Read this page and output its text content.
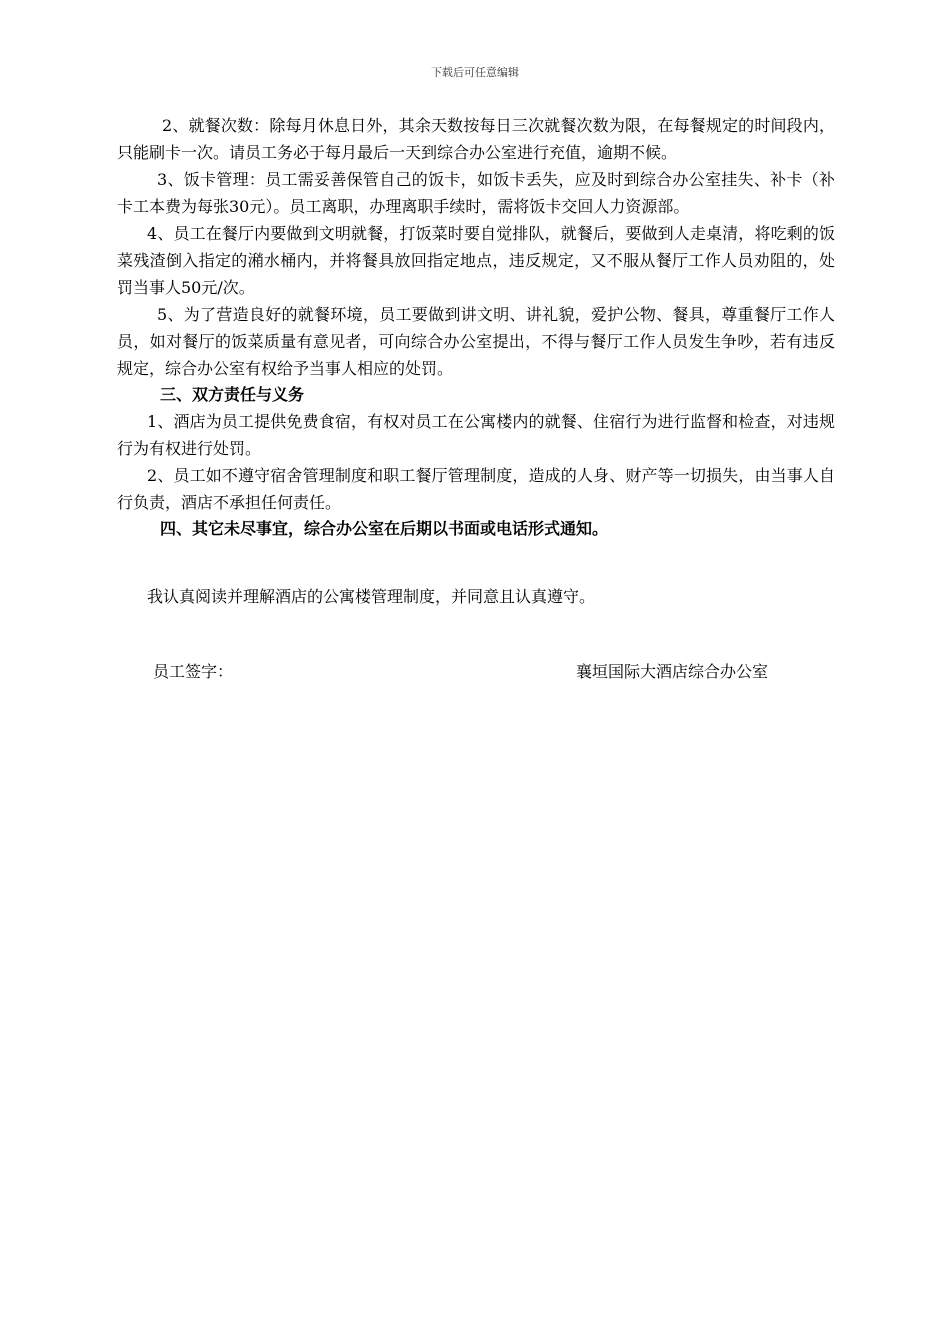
下载后可任意编辑

2、就餐次数：除每月休息日外，其余天数按每日三次就餐次数为限，在每餐规定的时间段内，只能刷卡一次。请员工务必于每月最后一天到综合办公室进行充值，逾期不候。

3、饭卡管理：员工需妥善保管自己的饭卡，如饭卡丢失，应及时到综合办公室挂失、补卡（补卡工本费为每张30元）。员工离职，办理离职手续时，需将饭卡交回人力资源部。

4、员工在餐厅内要做到文明就餐，打饭菜时要自觉排队，就餐后，要做到人走桌清，将吃剩的饭菜残渣倒入指定的潲水桶内，并将餐具放回指定地点，违反规定，又不服从餐厅工作人员劝阻的，处罚当事人50元/次。

5、为了营造良好的就餐环境，员工要做到讲文明、讲礼貌，爱护公物、餐具，尊重餐厅工作人员，如对餐厅的饭菜质量有意见者，可向综合办公室提出，不得与餐厅工作人员发生争吵，若有违反规定，综合办公室有权给予当事人相应的处罚。

三、双方责任与义务

1、酒店为员工提供免费食宿，有权对员工在公寓楼内的就餐、住宿行为进行监督和检查，对违规行为有权进行处罚。

2、员工如不遵守宿舍管理制度和职工餐厅管理制度，造成的人身、财产等一切损失，由当事人自行负责，酒店不承担任何责任。

四、其它未尽事宜，综合办公室在后期以书面或电话形式通知。

我认真阅读并理解酒店的公寓楼管理制度，并同意且认真遵守。

员工签字：	襄垣国际大酒店综合办公室
